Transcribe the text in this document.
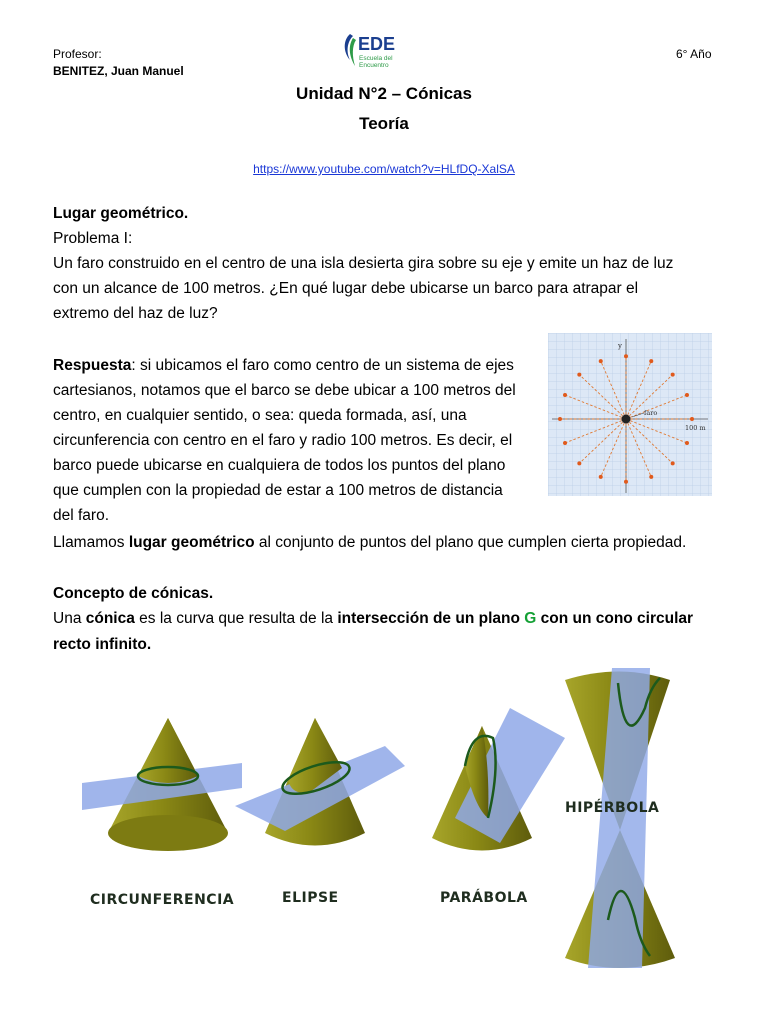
Profesor:
BENITEZ, Juan Manuel
6° Año
EDE
Escuela del
Encuentro
Unidad N°2 – Cónicas
Teoría
https://www.youtube.com/watch?v=HLfDQ-XalSA
Lugar geométrico.
Problema I:
Un faro construido en el centro de una isla desierta gira sobre su eje y emite un haz de luz
con un alcance de 100 metros. ¿En qué lugar debe ubicarse un barco para atrapar el
extremo del haz de luz?
Respuesta: si ubicamos el faro como centro de un sistema de ejes
cartesianos, notamos que el barco se debe ubicar a 100 metros del
centro, en cualquier sentido, o sea: queda formada, así, una
circunferencia con centro en el faro y radio 100 metros. Es decir, el
barco puede ubicarse en cualquiera de todos los puntos del plano
que cumplen con la propiedad de estar a 100 metros de distancia
del faro.
Llamamos lugar geométrico al conjunto de puntos del plano que cumplen cierta propiedad.
y
faro
100 m
Concepto de cónicas.
Una cónica es la curva que resulta de la intersección de un plano G con un cono circular
recto infinito.
CIRCUNFERENCIA	ELIPSE	PARÁBOLA
HIPÉRBOLA
